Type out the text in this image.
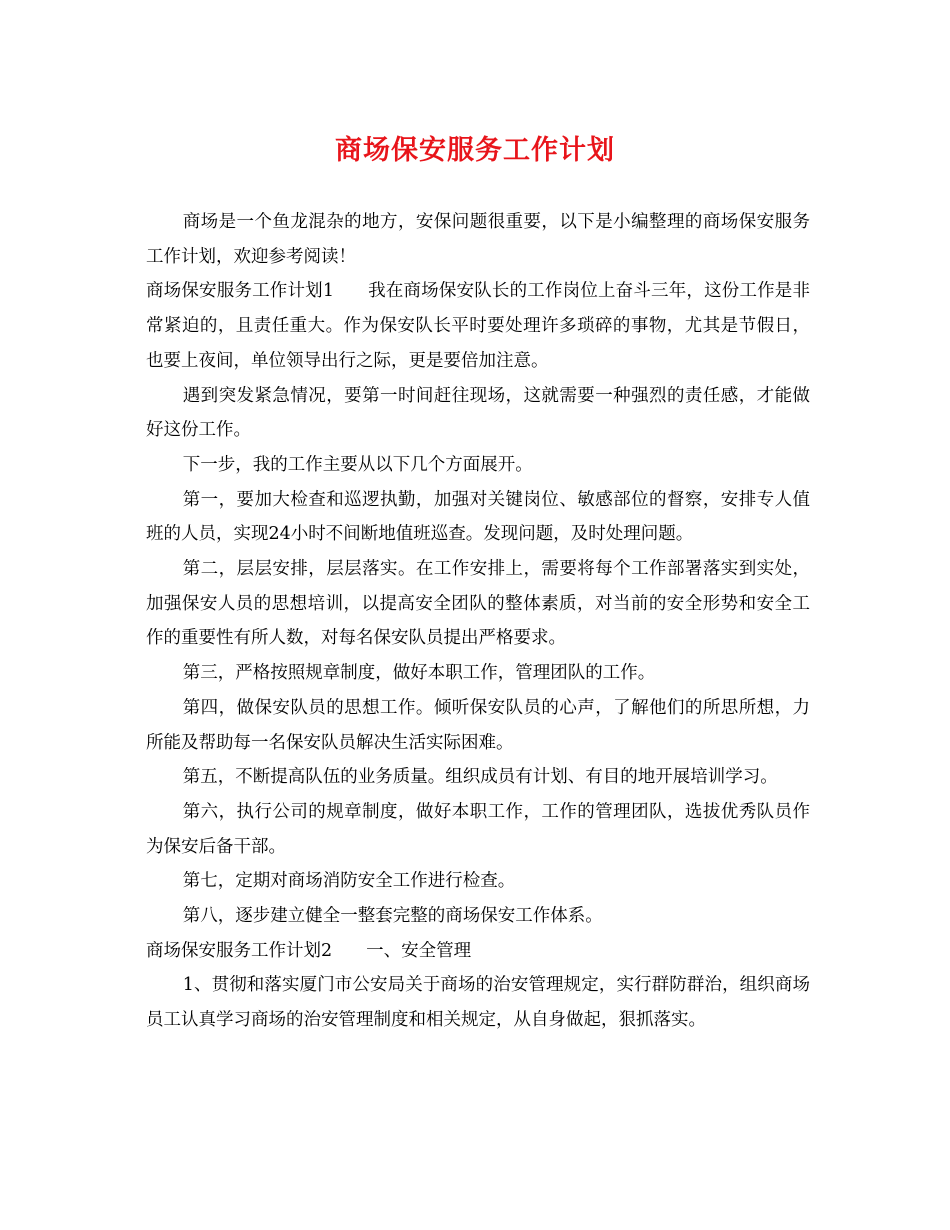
商场保安服务工作计划

商场是一个鱼龙混杂的地方，安保问题很重要，以下是小编整理的商场保安服务工作计划，欢迎参考阅读！

商场保安服务工作计划1 我在商场保安队长的工作岗位上奋斗三年，这份工作是非常紧迫的，且责任重大。作为保安队长平时要处理许多琐碎的事物，尤其是节假日，也要上夜间，单位领导出行之际，更是要倍加注意。

遇到突发紧急情况，要第一时间赶往现场，这就需要一种强烈的责任感，才能做好这份工作。

下一步，我的工作主要从以下几个方面展开。

第一，要加大检查和巡逻执勤，加强对关键岗位、敏感部位的督察，安排专人值班的人员，实现24小时不间断地值班巡查。发现问题，及时处理问题。

第二，层层安排，层层落实。在工作安排上，需要将每个工作部署落实到实处，加强保安人员的思想培训，以提高安全团队的整体素质，对当前的安全形势和安全工作的重要性有所人数，对每名保安队员提出严格要求。

第三，严格按照规章制度，做好本职工作，管理团队的工作。

第四，做保安队员的思想工作。倾听保安队员的心声，了解他们的所思所想，力所能及帮助每一名保安队员解决生活实际困难。

第五，不断提高队伍的业务质量。组织成员有计划、有目的地开展培训学习。

第六，执行公司的规章制度，做好本职工作，工作的管理团队，选拔优秀队员作为保安后备干部。

第七，定期对商场消防安全工作进行检查。

第八，逐步建立健全一整套完整的商场保安工作体系。

商场保安服务工作计划2 一、安全管理

1、贯彻和落实厦门市公安局关于商场的治安管理规定，实行群防群治，组织商场员工认真学习商场的治安管理制度和相关规定，从自身做起，狠抓落实。
